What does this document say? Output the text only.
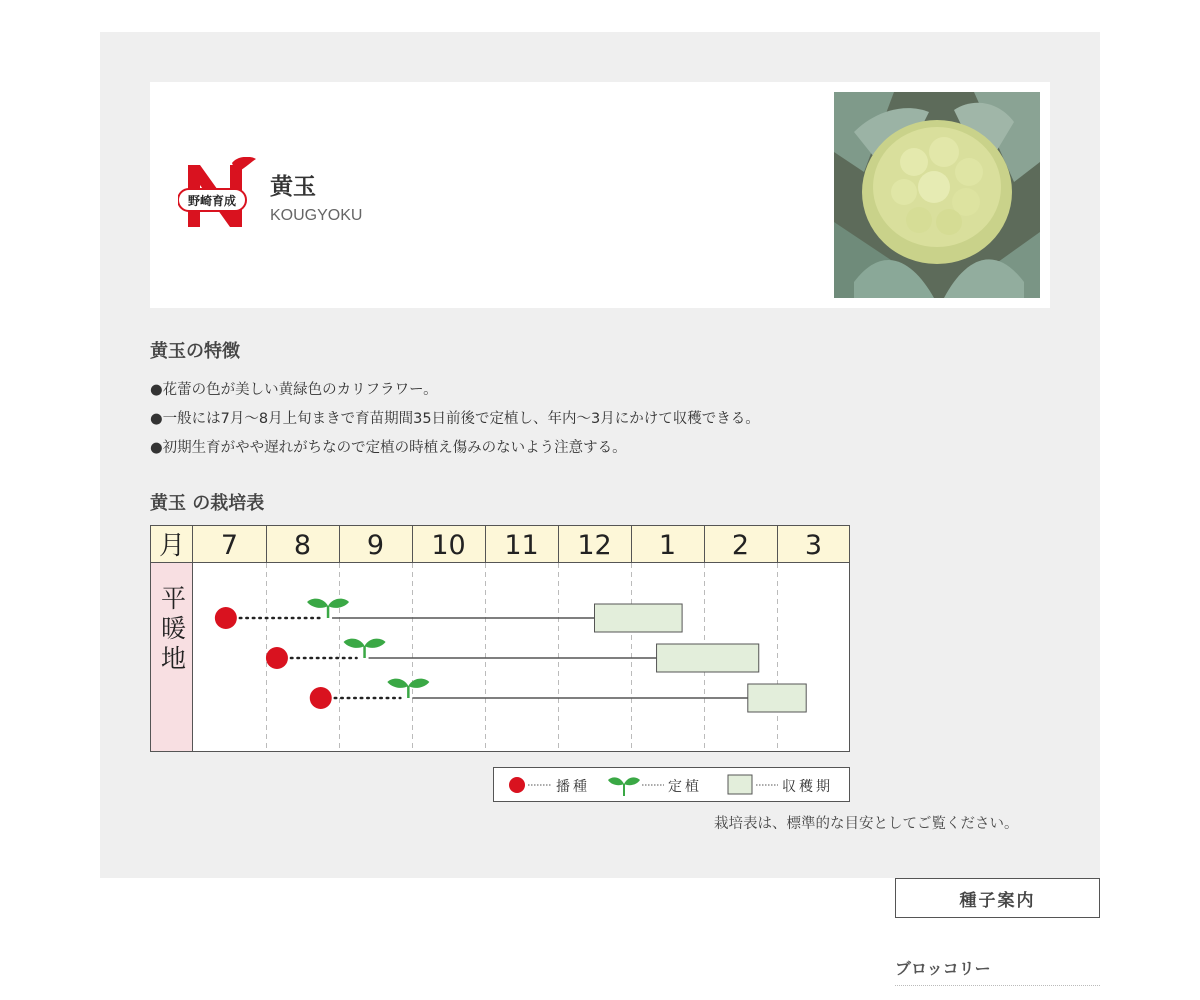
野崎育成
黄玉
KOUGYOKU
黄玉の特徴
●花蕾の色が美しい黄緑色のカリフラワー。
●一般には7月〜8月上旬まきで育苗期間35日前後で定植し、年内〜3月にかけて収穫できる。
●初期生育がやや遅れがちなので定植の時植え傷みのないよう注意する。
黄玉 の栽培表
月 7 8 9 10 11 12 1 2 3
平暖地
播種	定植	収穫期
栽培表は、標準的な目安としてご覧ください。
種子案内
ブロッコリー
